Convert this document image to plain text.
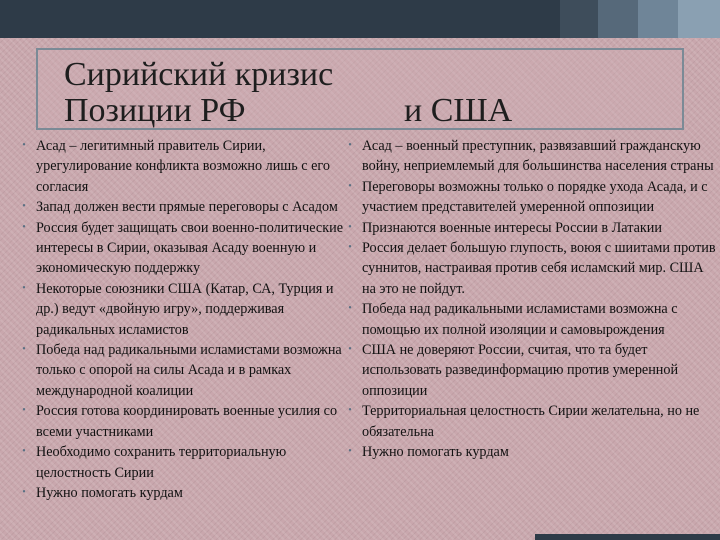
Сирийский кризис
Позиции РФ	и США
• Асад – легитимный правитель Сирии, урегулирование конфликта возможно лишь с его согласия
• Запад должен вести прямые переговоры с Асадом
• Россия будет защищать свои военно-политические интересы в Сирии, оказывая Асаду военную и экономическую поддержку
• Некоторые союзники США (Катар, СА, Турция и др.) ведут «двойную игру», поддерживая радикальных исламистов
• Победа над радикальными исламистами возможна только с опорой на силы Асада и в рамках международной коалиции
• Россия готова координировать военные усилия со всеми участниками
• Необходимо сохранить территориальную целостность Сирии
• Нужно помогать курдам
• Асад – военный преступник, развязавший гражданскую войну, неприемлемый для большинства населения страны
• Переговоры возможны только о порядке ухода Асада, и с участием представителей умеренной оппозиции
• Признаются военные интересы России в Латакии
• Россия делает большую глупость, воюя с шиитами против суннитов, настраивая против себя исламский мир. США на это не пойдут.
• Победа над радикальными исламистами возможна с помощью их полной изоляции и самовырождения
• США не доверяют России, считая, что та будет использовать развединформацию против умеренной оппозиции
• Территориальная целостность Сирии желательна, но не обязательна
• Нужно помогать курдам
